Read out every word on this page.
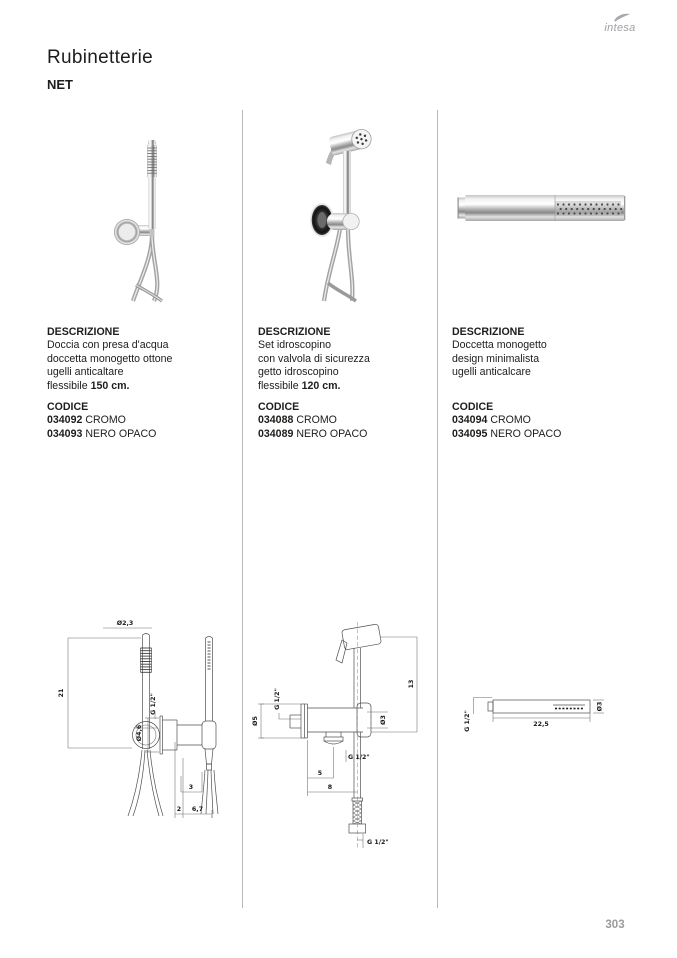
intesa
Rubinetterie
NET
DESCRIZIONE
Doccia con presa d'acqua
doccetta monogetto ottone
ugelli anticaltare
flessibile 150 cm.
CODICE
034092 CROMO
034093 NERO OPACO
Ø2,3
21
G 1/2"
Ø4,6
3
2 6,7
DESCRIZIONE
Set idroscopino
con valvola di sicurezza
getto idroscopino
flessibile 120 cm.
CODICE
034088 CROMO
034089 NERO OPACO
G 1/2"
Ø5	Ø3
13
G 1/2"
5
8
G 1/2"
DESCRIZIONE
Doccetta monogetto
design minimalista
ugelli anticalcare
CODICE
034094 CROMO
034095 NERO OPACO
G 1/2"	22,5
Ø3
303
